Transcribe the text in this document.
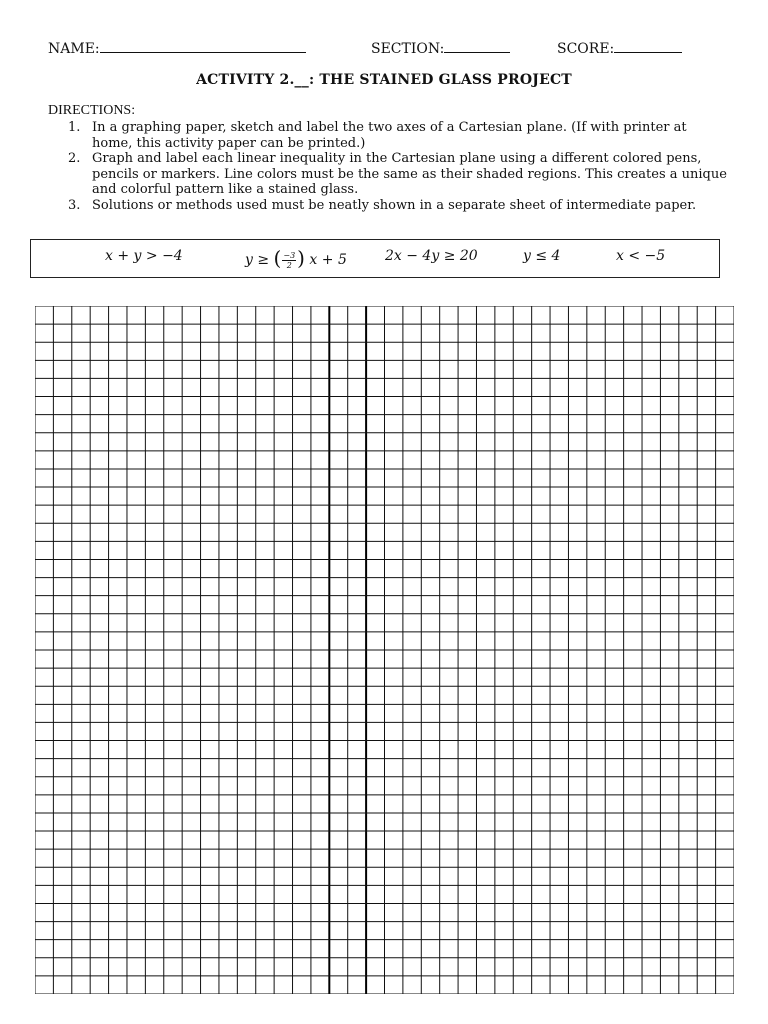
NAME:	SECTION:	SCORE:
ACTIVITY 2.__: THE STAINED GLASS PROJECT
DIRECTIONS:
1. In a graphing paper, sketch and label the two axes of a Cartesian plane. (If with printer at home, this activity paper can be printed.)
2. Graph and label each linear inequality in the Cartesian plane using a different colored pens, pencils or markers. Line colors must be the same as their shaded regions. This creates a unique and colorful pattern like a stained glass.
3. Solutions or methods used must be neatly shown in a separate sheet of intermediate paper.
x + y > −4	y ≥ ( $\frac{-3}{2}$ ) x + 5	2x − 4y ≥ 20	y ≤ 4	x < −5
